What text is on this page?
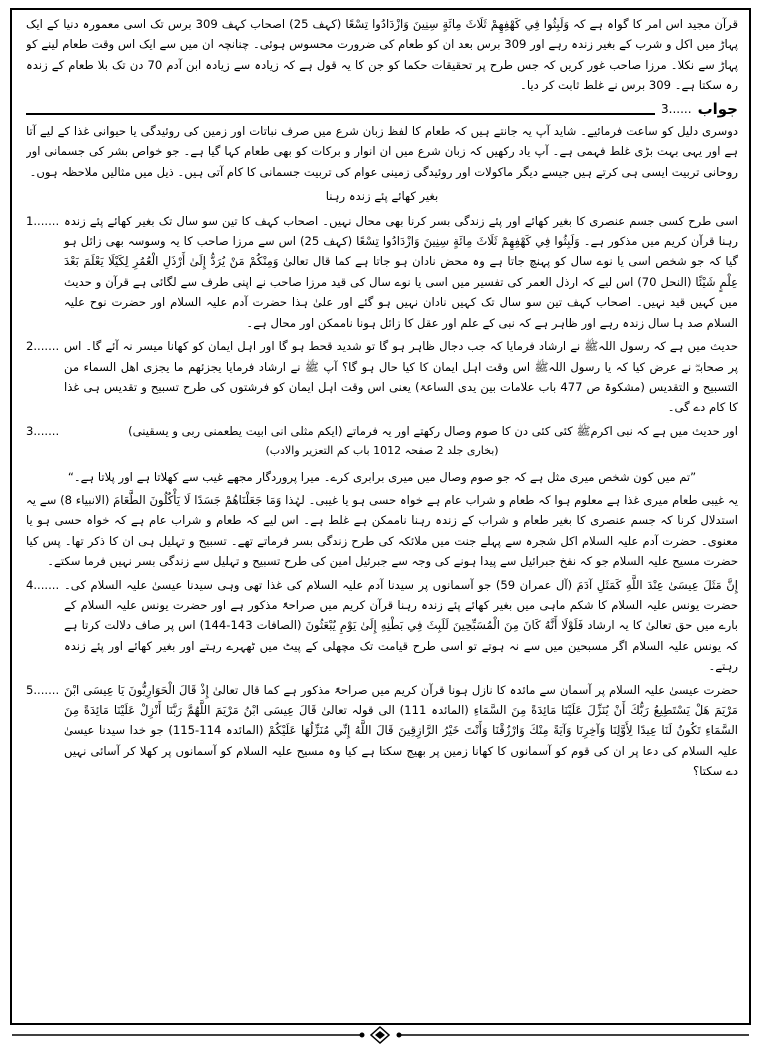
قرآن مجید اس امر کا گواہ ہے کہ وَلَبِثُوا فِي كَهْفِهِمْ ثَلَاثَ مِائَةٍ سِنِينَ وَازْدَادُوا تِسْعًا (کہف 25) اصحاب کہف 309 برس تک اسی معمورہ دنیا کے ایک پہاڑ میں اکل و شرب کے بغیر زندہ رہے اور 309 برس بعد ان کو طعام کی ضرورت محسوس ہوئی۔ چنانچہ ان میں سے ایک اس وقت طعام لینے کو پہاڑ سے نکلا۔ مرزا صاحب غور کریں کہ جس طرح پر تحقیقات حکما کو جن کا یہ قول ہے کہ زیادہ سے زیادہ ابن آدم 70 دن تک بلا طعام کے زندہ رہ سکتا ہے۔ 309 برس نے غلط ثابت کر دیا۔

جواب
......3

دوسری دلیل کو ساعت فرمائیے۔ شاید آپ یہ جانتے ہیں کہ طعام کا لفظ زبان شرع میں صرف نباتات اور زمین کی روئیدگی یا حیوانی غذا کے لیے آتا ہے اور یہی بہت بڑی غلط فہمی ہے۔ آپ یاد رکھیں کہ زبان شرع میں ان انوار و برکات کو بھی طعام کہا گیا ہے۔ جو خواص بشر کی جسمانی اور روحانی تربیت ایسی ہی کرتے ہیں جیسے دیگر ماکولات اور روئیدگی زمینی عوام کی تربیت جسمانی کا کام آتی ہیں۔ ذیل میں مثالیں ملاحظہ ہوں۔

بغیر کھائے پئے زندہ رہنا

اسی طرح کسی جسم عنصری کا بغیر کھائے اور پئے زندگی بسر کرنا بھی محال نہیں۔ اصحاب کہف کا تین سو سال تک بغیر کھائے پئے زندہ رہنا قرآن کریم میں مذکور ہے۔ وَلَبِثُوا فِي كَهْفِهِمْ ثَلَاثَ مِائَةٍ سِنِينَ وَازْدَادُوا تِسْعًا (کہف 25) اس سے مرزا صاحب کا یہ وسوسہ بھی زائل ہو گیا کہ جو شخص اسی یا نوے سال کو پہنچ جاتا ہے وہ محض نادان ہو جاتا ہے کما قال تعالیٰ وَمِنْكُمْ مَنْ يُرَدُّ إِلَىٰ أَرْذَلِ الْعُمُرِ لِكَيْلَا يَعْلَمَ بَعْدَ عِلْمٍ شَيْئًا (النحل 70) اس لیے کہ ارذل العمر کی تفسیر میں اسی یا نوے سال کی قید مرزا صاحب نے اپنی طرف سے لگائی ہے قرآن و حدیث میں کہیں قید نہیں۔ اصحاب کہف تین سو سال تک کہیں نادان نہیں ہو گئے اور علیٰ ہذا حضرت آدم علیہ السلام اور حضرت نوح علیہ السلام صد ہا سال زندہ رہے اور ظاہر ہے کہ نبی کے علم اور عقل کا زائل ہونا ناممکن اور محال ہے۔
1.......
حدیث میں ہے کہ رسول اللہﷺ نے ارشاد فرمایا کہ جب دجال ظاہر ہو گا تو شدید قحط ہو گا اور اہل ایمان کو کھانا میسر نہ آئے گا۔ اس پر صحابہؓ نے عرض کیا کہ یا رسول اللہﷺ اس وقت اہل ایمان کا کیا حال ہو گا؟ آپ ﷺ نے ارشاد فرمایا یجزئهم ما یجزی اهل السماء من التسبیح و التقدیس (مشکوۃ ص 477 باب علامات بین یدی الساعۃ) یعنی اس وقت اہل ایمان کو فرشتوں کی طرح تسبیح و تقدیس ہی غذا کا کام دے گی۔
2.......
اور حدیث میں ہے کہ نبی اکرمﷺ کئی کئی دن کا صوم وصال رکھتے اور یہ فرماتے (ایکم مثلی انی ابیت یطعمنی ربی و یسقینی)
3.......

(بخاری جلد 2 صفحہ 1012 باب کم التعزیر والادب)

”تم میں کون شخص میری مثل ہے کہ جو صوم وصال میں میری برابری کرے۔ میرا پروردگار مجھے غیب سے کھلاتا ہے اور پلاتا ہے۔“

یہ غیبی طعام میری غذا ہے معلوم ہوا کہ طعام و شراب عام ہے خواہ حسی ہو یا غیبی۔ لہٰذا وَمَا جَعَلْنَاهُمْ جَسَدًا لَا يَأْكُلُونَ الطَّعَامَ (الانبیاء 8) سے یہ استدلال کرنا کہ جسم عنصری کا بغیر طعام و شراب کے زندہ رہنا ناممکن ہے غلط ہے۔ اس لیے کہ طعام و شراب عام ہے کہ خواہ حسی ہو یا معنوی۔ حضرت آدم علیہ السلام اکل شجرہ سے پہلے جنت میں ملائکہ کی طرح زندگی بسر فرماتے تھے۔ تسبیح و تہلیل ہی ان کا ذکر تھا۔ پس کیا حضرت مسیح علیہ السلام جو کہ نفخ جبرائیل سے پیدا ہونے کی وجہ سے جبرئیل امین کی طرح تسبیح و تہلیل سے زندگی بسر نہیں فرما سکتے۔

إِنَّ مَثَلَ عِيسَىٰ عِنْدَ اللَّهِ كَمَثَلِ آدَمَ (آل عمران 59) جو آسمانوں پر سیدنا آدم علیہ السلام کی غذا تھی وہی سیدنا عیسیٰ علیہ السلام کی۔ حضرت یونس علیہ السلام کا شکم ماہی میں بغیر کھائے پئے زندہ رہنا قرآن کریم میں صراحۃً مذکور ہے اور حضرت یونس علیہ السلام کے بارے میں حق تعالیٰ کا یہ ارشاد فَلَوْلَا أَنَّهُ كَانَ مِنَ الْمُسَبِّحِينَ لَلَبِثَ فِي بَطْنِهِ إِلَىٰ يَوْمِ يُبْعَثُونَ (الصافات 143-144) اس پر صاف دلالت کرتا ہے کہ یونس علیہ السلام اگر مسبحین میں سے نہ ہوتے تو اسی طرح قیامت تک مچھلی کے پیٹ میں ٹھہرے رہتے اور بغیر کھائے اور پئے زندہ رہتے۔
4.......
حضرت عیسیٰ علیہ السلام پر آسمان سے مائدہ کا نازل ہونا قرآن کریم میں صراحۃً مذکور ہے کما قال تعالیٰ إِذْ قَالَ الْحَوَارِيُّونَ يَا عِيسَى ابْنَ مَرْيَمَ هَلْ يَسْتَطِيعُ رَبُّكَ أَنْ يُنَزِّلَ عَلَيْنَا مَائِدَةً مِنَ السَّمَاءِ (المائدہ 111) الی قولہ تعالیٰ قَالَ عِيسَى ابْنُ مَرْيَمَ اللَّهُمَّ رَبَّنَا أَنْزِلْ عَلَيْنَا مَائِدَةً مِنَ السَّمَاءِ تَكُونُ لَنَا عِيدًا لِأَوَّلِنَا وَآخِرِنَا وَآيَةً مِنْكَ وَارْزُقْنَا وَأَنْتَ خَيْرُ الرَّازِقِينَ قَالَ اللَّهُ إِنِّي مُنَزِّلُهَا عَلَيْكُمْ (المائدہ 114-115) جو خدا سیدنا عیسیٰ علیہ السلام کی دعا پر ان کی قوم کو آسمانوں کا کھانا زمین پر بھیج سکتا ہے کیا وہ مسیح علیہ السلام کو آسمانوں پر کھلا کر آسائی نہیں دے سکتا؟
5.......
